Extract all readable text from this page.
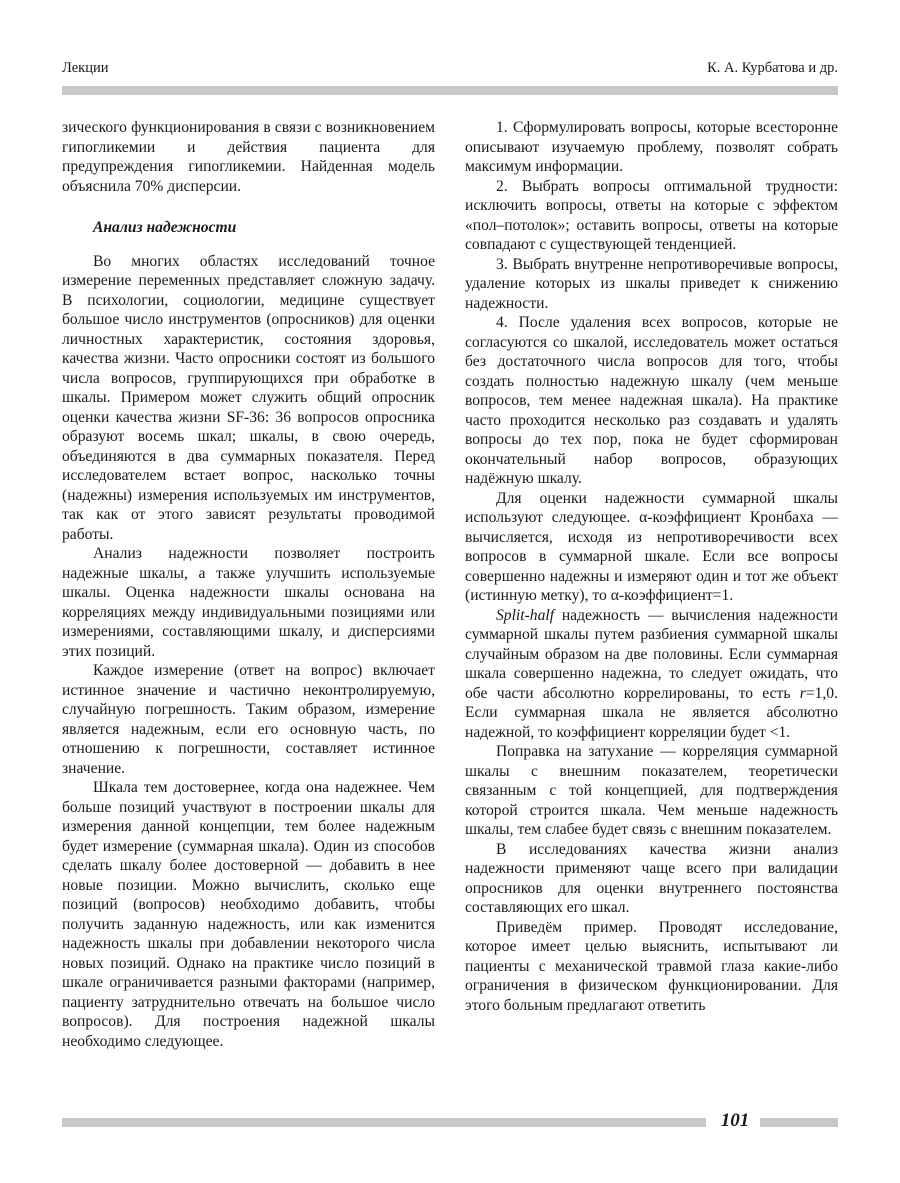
Лекции	К. А. Курбатова и др.

зического функционирования в связи с возникновением гипогликемии и действия пациента для предупреждения гипогликемии. Найденная модель объяснила 70% дисперсии.

Анализ надежности

Во многих областях исследований точное измерение переменных представляет сложную задачу. В психологии, социологии, медицине существует большое число инструментов (опросников) для оценки личностных характеристик, состояния здоровья, качества жизни. Часто опросники состоят из большого числа вопросов, группирующихся при обработке в шкалы. Примером может служить общий опросник оценки качества жизни SF-36: 36 вопросов опросника образуют восемь шкал; шкалы, в свою очередь, объединяются в два суммарных показателя. Перед исследователем встает вопрос, насколько точны (надежны) измерения используемых им инструментов, так как от этого зависят результаты проводимой работы.

Анализ надежности позволяет построить надежные шкалы, а также улучшить используемые шкалы. Оценка надежности шкалы основана на корреляциях между индивидуальными позициями или измерениями, составляющими шкалу, и дисперсиями этих позиций.

Каждое измерение (ответ на вопрос) включает истинное значение и частично неконтролируемую, случайную погрешность. Таким образом, измерение является надежным, если его основную часть, по отношению к погрешности, составляет истинное значение.

Шкала тем достовернее, когда она надежнее. Чем больше позиций участвуют в построении шкалы для измерения данной концепции, тем более надежным будет измерение (суммарная шкала). Один из способов сделать шкалу более достоверной — добавить в нее новые позиции. Можно вычислить, сколько еще позиций (вопросов) необходимо добавить, чтобы получить заданную надежность, или как изменится надежность шкалы при добавлении некоторого числа новых позиций. Однако на практике число позиций в шкале ограничивается разными факторами (например, пациенту затруднительно отвечать на большое число вопросов). Для построения надежной шкалы необходимо следующее.

1. Сформулировать вопросы, которые всесторонне описывают изучаемую проблему, позволят собрать максимум информации.

2. Выбрать вопросы оптимальной трудности: исключить вопросы, ответы на которые с эффектом «пол–потолок»; оставить вопросы, ответы на которые совпадают с существующей тенденцией.

3. Выбрать внутренне непротиворечивые вопросы, удаление которых из шкалы приведет к снижению надежности.

4. После удаления всех вопросов, которые не согласуются со шкалой, исследователь может остаться без достаточного числа вопросов для того, чтобы создать полностью надежную шкалу (чем меньше вопросов, тем менее надежная шкала). На практике часто проходится несколько раз создавать и удалять вопросы до тех пор, пока не будет сформирован окончательный набор вопросов, образующих надёжную шкалу.

Для оценки надежности суммарной шкалы используют следующее. α-коэффициент Кронбаха — вычисляется, исходя из непротиворечивости всех вопросов в суммарной шкале. Если все вопросы совершенно надежны и измеряют один и тот же объект (истинную метку), то α-коэффициент=1.

Split-half надежность — вычисления надежности суммарной шкалы путем разбиения суммарной шкалы случайным образом на две половины. Если суммарная шкала совершенно надежна, то следует ожидать, что обе части абсолютно коррелированы, то есть r=1,0. Если суммарная шкала не является абсолютно надежной, то коэффициент корреляции будет <1.

Поправка на затухание — корреляция суммарной шкалы с внешним показателем, теоретически связанным с той концепцией, для подтверждения которой строится шкала. Чем меньше надежность шкалы, тем слабее будет связь с внешним показателем.

В исследованиях качества жизни анализ надежности применяют чаще всего при валидации опросников для оценки внутреннего постоянства составляющих его шкал.

Приведём пример. Проводят исследование, которое имеет целью выяснить, испытывают ли пациенты с механической травмой глаза какие-либо ограничения в физическом функционировании. Для этого больным предлагают ответить

101
